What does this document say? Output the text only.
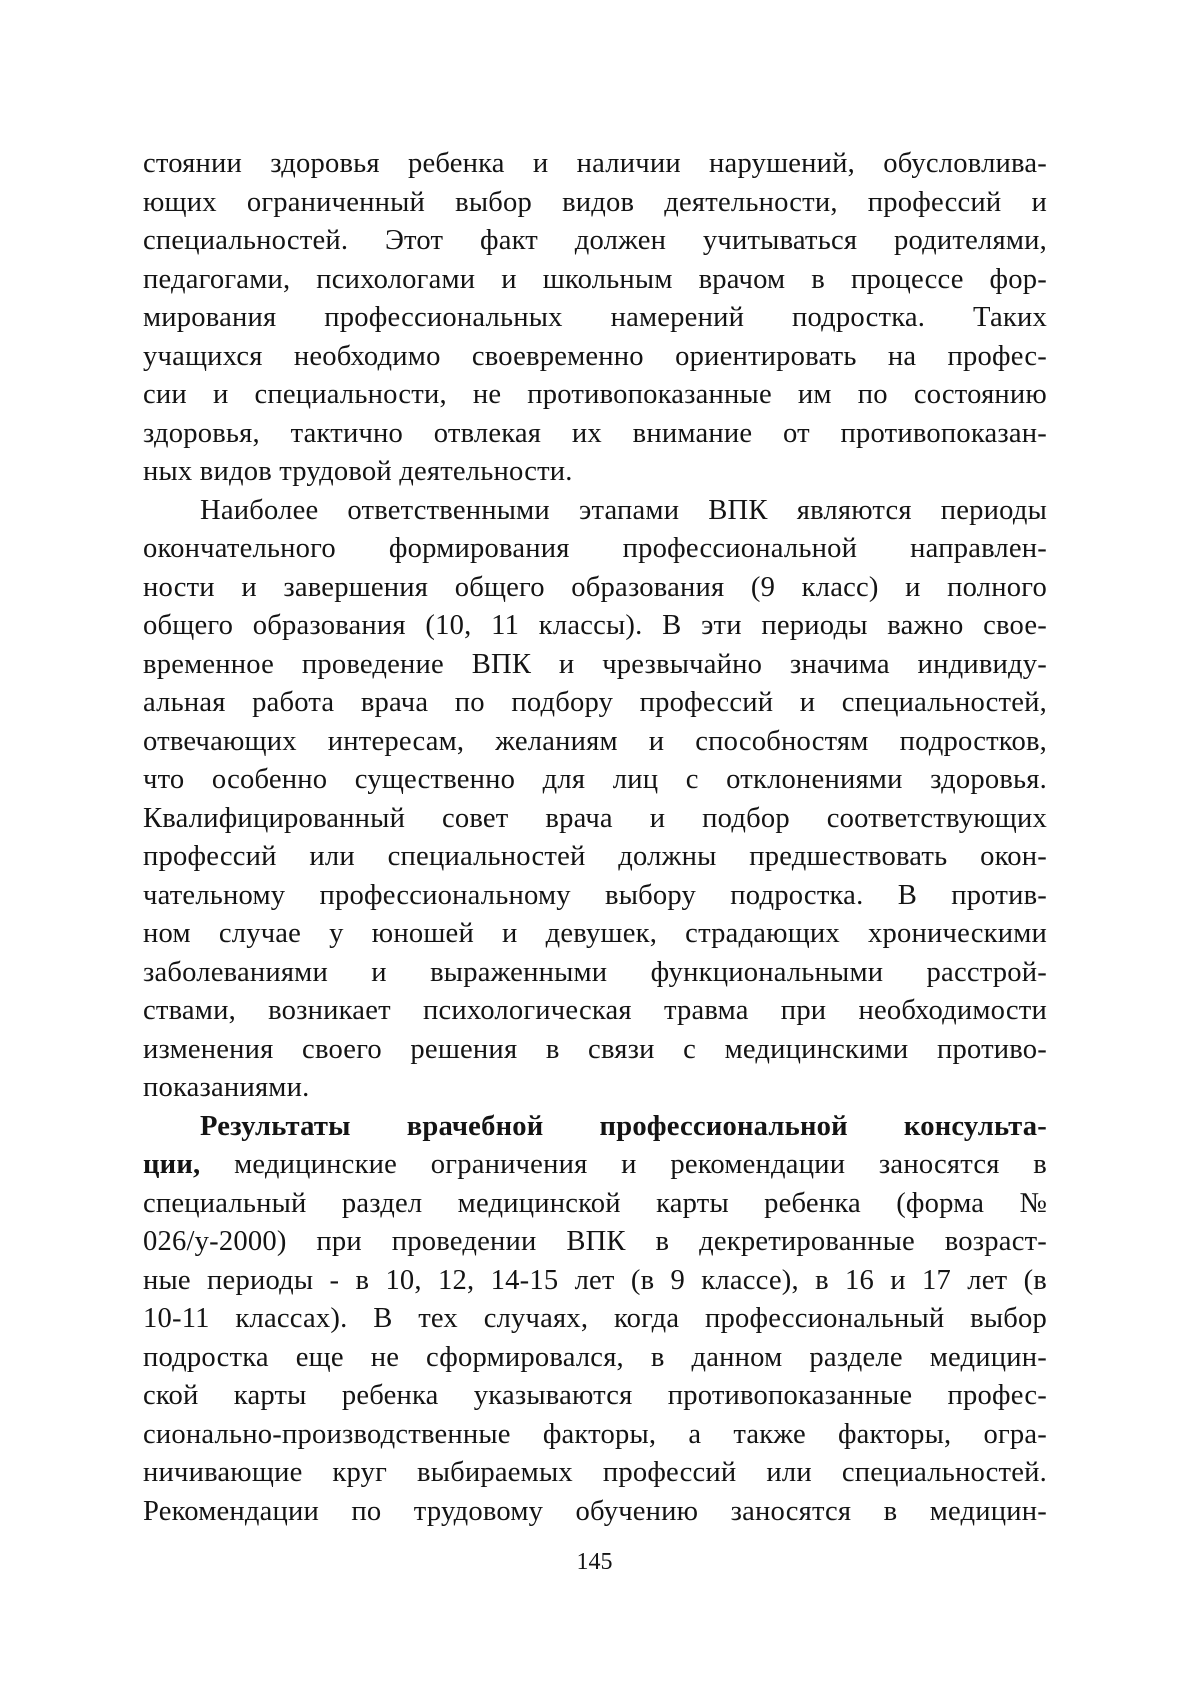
стоянии здоровья ребенка и наличии нарушений, обусловлива-
ющих ограниченный выбор видов деятельности, профессий и
специальностей. Этот факт должен учитываться родителями,
педагогами, психологами и школьным врачом в процессе фор-
мирования профессиональных намерений подростка. Таких
учащихся необходимо своевременно ориентировать на профес-
сии и специальности, не противопоказанные им по состоянию
здоровья, тактично отвлекая их внимание от противопоказан-
ных видов трудовой деятельности.
Наиболее ответственными этапами ВПК являются периоды
окончательного формирования профессиональной направлен-
ности и завершения общего образования (9 класс) и полного
общего образования (10, 11 классы). В эти периоды важно свое-
временное проведение ВПК и чрезвычайно значима индивиду-
альная работа врача по подбору профессий и специальностей,
отвечающих интересам, желаниям и способностям подростков,
что особенно существенно для лиц с отклонениями здоровья.
Квалифицированный совет врача и подбор соответствующих
профессий или специальностей должны предшествовать окон-
чательному профессиональному выбору подростка. В против-
ном случае у юношей и девушек, страдающих хроническими
заболеваниями и выраженными функциональными расстрой-
ствами, возникает психологическая травма при необходимости
изменения своего решения в связи с медицинскими противо-
показаниями.
Результаты врачебной профессиональной консульта-
ции, медицинские ограничения и рекомендации заносятся в
специальный раздел медицинской карты ребенка (форма №
026/у-2000) при проведении ВПК в декретированные возраст-
ные периоды - в 10, 12, 14-15 лет (в 9 классе), в 16 и 17 лет (в
10-11 классах). В тех случаях, когда профессиональный выбор
подростка еще не сформировался, в данном разделе медицин-
ской карты ребенка указываются противопоказанные профес-
сионально-производственные факторы, а также факторы, огра-
ничивающие круг выбираемых профессий или специальностей.
Рекомендации по трудовому обучению заносятся в медицин-
145
